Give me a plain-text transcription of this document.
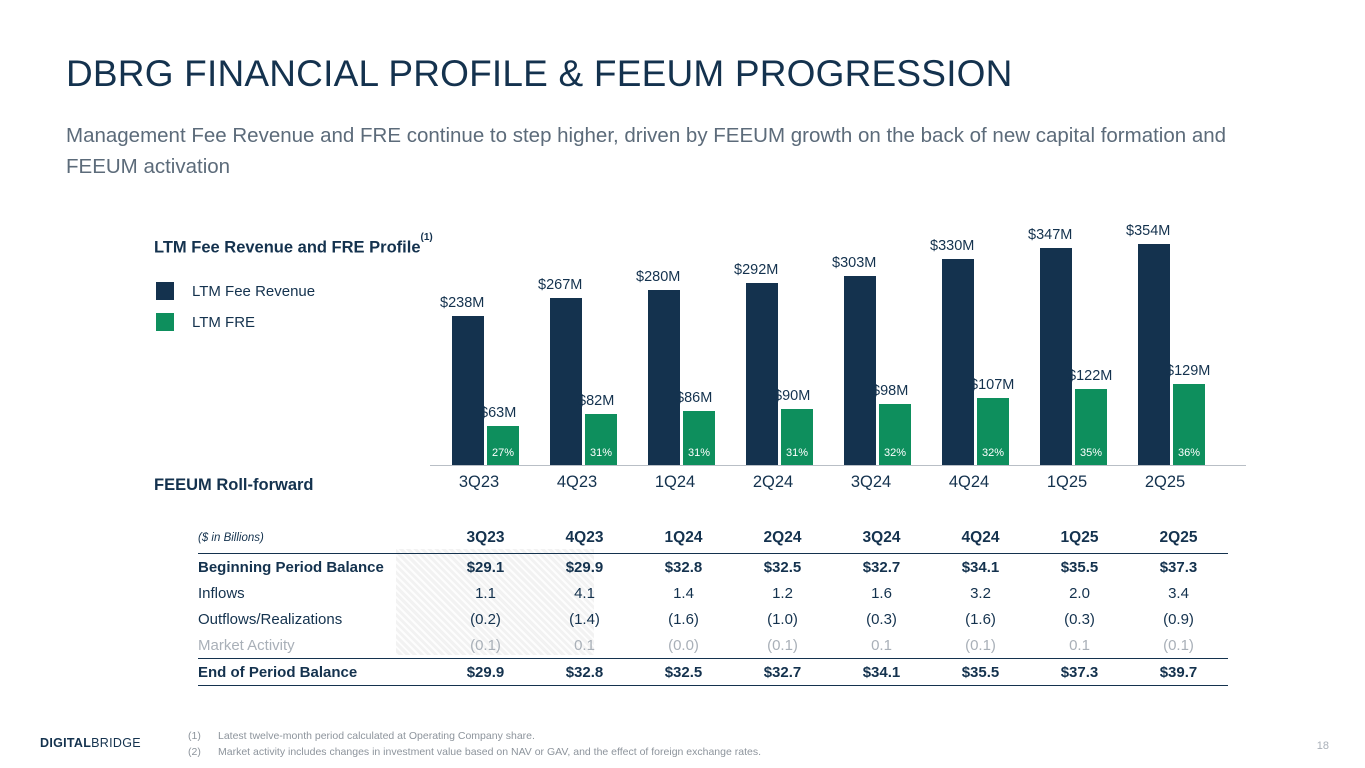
DBRG FINANCIAL PROFILE & FEEUM PROGRESSION
Management Fee Revenue and FRE continue to step higher, driven by FEEUM growth on the back of new capital formation and FEEUM activation
LTM Fee Revenue and FRE Profile$^{(1)}$
LTM Fee Revenue
LTM FRE
$238M
$63M
27%
$267M
$82M
31%
$280M
$86M
31%
$292M
$90M
31%
$303M
$98M
32%
$330M
$107M
32%
$347M
$122M
35%
$354M
$129M
36%
3Q23	4Q23	1Q24	2Q24	3Q24	4Q24	1Q25	2Q25
FEEUM Roll-forward
($ in Billions)	3Q23	4Q23	1Q24	2Q24	3Q24	4Q24	1Q25	2Q25
Beginning Period Balance	$29.1	$29.9	$32.8	$32.5	$32.7	$34.1	$35.5	$37.3
Inflows	1.1	4.1	1.4	1.2	1.6	3.2	2.0	3.4
Outflows/Realizations	(0.2)	(1.4)	(1.6)	(1.0)	(0.3)	(1.6)	(0.3)	(0.9)
Market Activity	(0.1)	0.1	(0.0)	(0.1)	0.1	(0.1)	0.1	(0.1)
End of Period Balance	$29.9	$32.8	$32.5	$32.7	$34.1	$35.5	$37.3	$39.7
(1)	Latest twelve-month period calculated at Operating Company share.
(2)	Market activity includes changes in investment value based on NAV or GAV, and the effect of foreign exchange rates.
DIGITALBRIDGE	18
